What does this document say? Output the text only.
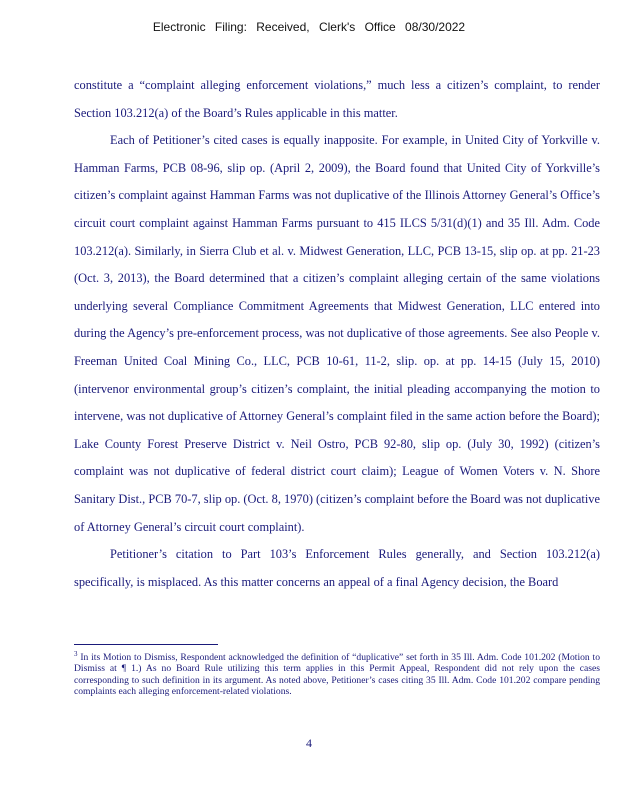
Electronic Filing: Received, Clerk's Office 08/30/2022

constitute a “complaint alleging enforcement violations,” much less a citizen’s complaint, to render Section 103.212(a) of the Board’s Rules applicable in this matter.

Each of Petitioner’s cited cases is equally inapposite. For example, in United City of Yorkville v. Hamman Farms, PCB 08-96, slip op. (April 2, 2009), the Board found that United City of Yorkville’s citizen’s complaint against Hamman Farms was not duplicative of the Illinois Attorney General’s Office’s circuit court complaint against Hamman Farms pursuant to 415 ILCS 5/31(d)(1) and 35 Ill. Adm. Code 103.212(a). Similarly, in Sierra Club et al. v. Midwest Generation, LLC, PCB 13-15, slip op. at pp. 21-23 (Oct. 3, 2013), the Board determined that a citizen’s complaint alleging certain of the same violations underlying several Compliance Commitment Agreements that Midwest Generation, LLC entered into during the Agency’s pre-enforcement process, was not duplicative of those agreements. See also People v. Freeman United Coal Mining Co., LLC, PCB 10-61, 11-2, slip. op. at pp. 14-15 (July 15, 2010) (intervenor environmental group’s citizen’s complaint, the initial pleading accompanying the motion to intervene, was not duplicative of Attorney General’s complaint filed in the same action before the Board); Lake County Forest Preserve District v. Neil Ostro, PCB 92-80, slip op. (July 30, 1992) (citizen’s complaint was not duplicative of federal district court claim); League of Women Voters v. N. Shore Sanitary Dist., PCB 70-7, slip op. (Oct. 8, 1970) (citizen’s complaint before the Board was not duplicative of Attorney General’s circuit court complaint).

Petitioner’s citation to Part 103’s Enforcement Rules generally, and Section 103.212(a) specifically, is misplaced. As this matter concerns an appeal of a final Agency decision, the Board

$^3$ In its Motion to Dismiss, Respondent acknowledged the definition of “duplicative” set forth in 35 Ill. Adm. Code 101.202 (Motion to Dismiss at ¶ 1.) As no Board Rule utilizing this term applies in this Permit Appeal, Respondent did not rely upon the cases corresponding to such definition in its argument. As noted above, Petitioner’s cases citing 35 Ill. Adm. Code 101.202 compare pending complaints each alleging enforcement-related violations.
4
